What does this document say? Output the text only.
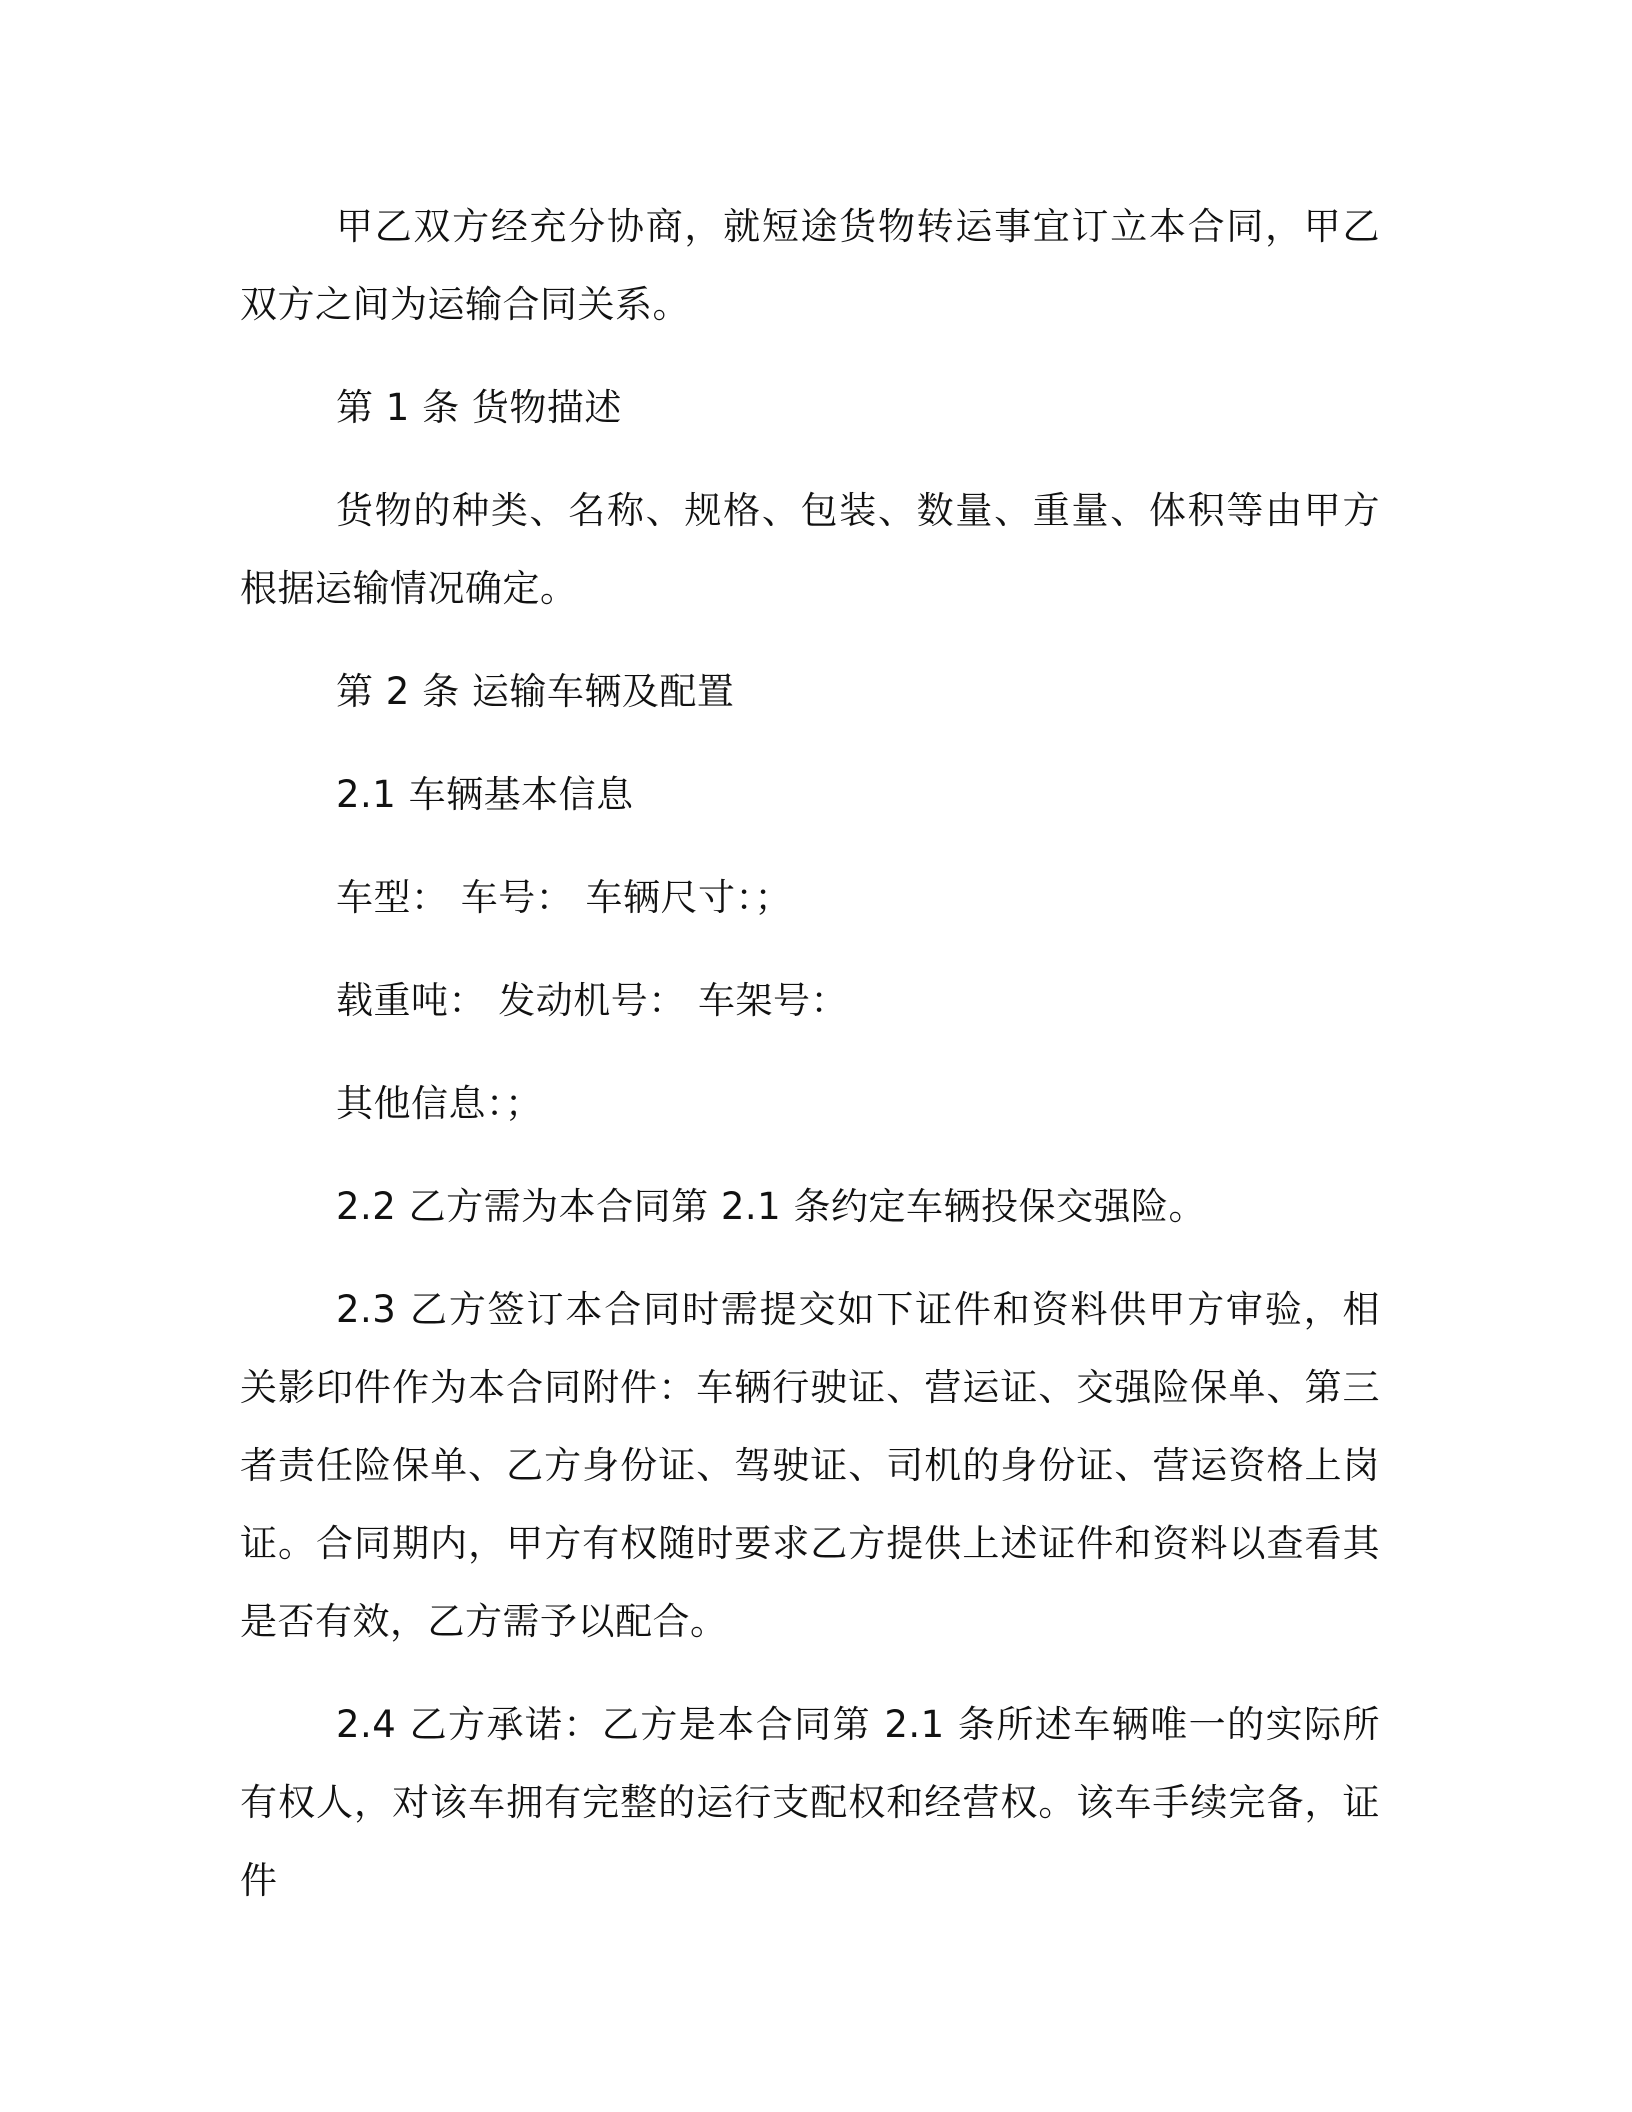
甲乙双方经充分协商，就短途货物转运事宜订立本合同，甲乙双方之间为运输合同关系。

第 1 条 货物描述

货物的种类、名称、规格、包装、数量、重量、体积等由甲方根据运输情况确定。

第 2 条 运输车辆及配置

2.1 车辆基本信息

车型： 车号： 车辆尺寸：；

载重吨： 发动机号： 车架号：

其他信息：；

2.2 乙方需为本合同第 2.1 条约定车辆投保交强险。

2.3 乙方签订本合同时需提交如下证件和资料供甲方审验，相关影印件作为本合同附件：车辆行驶证、营运证、交强险保单、第三者责任险保单、乙方身份证、驾驶证、司机的身份证、营运资格上岗证。合同期内，甲方有权随时要求乙方提供上述证件和资料以查看其是否有效，乙方需予以配合。

2.4 乙方承诺：乙方是本合同第 2.1 条所述车辆唯一的实际所有权人，对该车拥有完整的运行支配权和经营权。该车手续完备，证件
